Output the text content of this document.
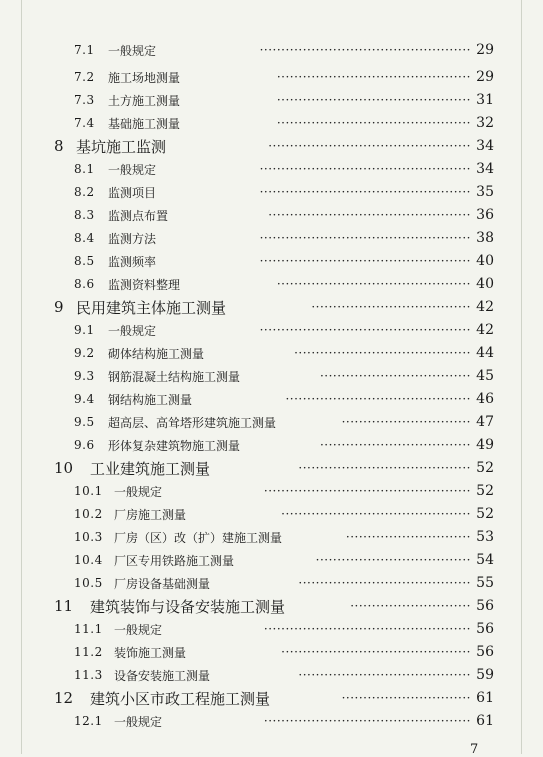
7.1 一般规定	················································· 29
7.2 施工场地测量	············································· 29
7.3 土方施工测量	············································· 31
7.4 基础施工测量	············································· 32
8 基坑施工监测	··············································· 34
8.1 一般规定	················································· 34
8.2 监测项目	················································· 35
8.3 监测点布置	··············································· 36
8.4 监测方法	················································· 38
8.5 监测频率	················································· 40
8.6 监测资料整理	············································· 40
9 民用建筑主体施工测量	····································· 42
9.1 一般规定	················································· 42
9.2 砌体结构施工测量	········································· 44
9.3 钢筋混凝土结构施工测量	··································· 45
9.4 钢结构施工测量	··········································· 46
9.5 超高层、高耸塔形建筑施工测量	······························ 47
9.6 形体复杂建筑物施工测量	··································· 49
10 工业建筑施工测量	········································ 52
10.1 一般规定	················································ 52
10.2 厂房施工测量	············································ 52
10.3 厂房（区）改（扩）建施工测量	····························· 53
10.4 厂区专用铁路施工测量	···································· 54
10.5 厂房设备基础测量	········································ 55
11 建筑装饰与设备安装施工测量	···························· 56
11.1 一般规定	················································ 56
11.2 装饰施工测量	············································ 56
11.3 设备安装施工测量	········································ 59
12 建筑小区市政工程施工测量	······························ 61
12.1 一般规定	················································ 61
7
